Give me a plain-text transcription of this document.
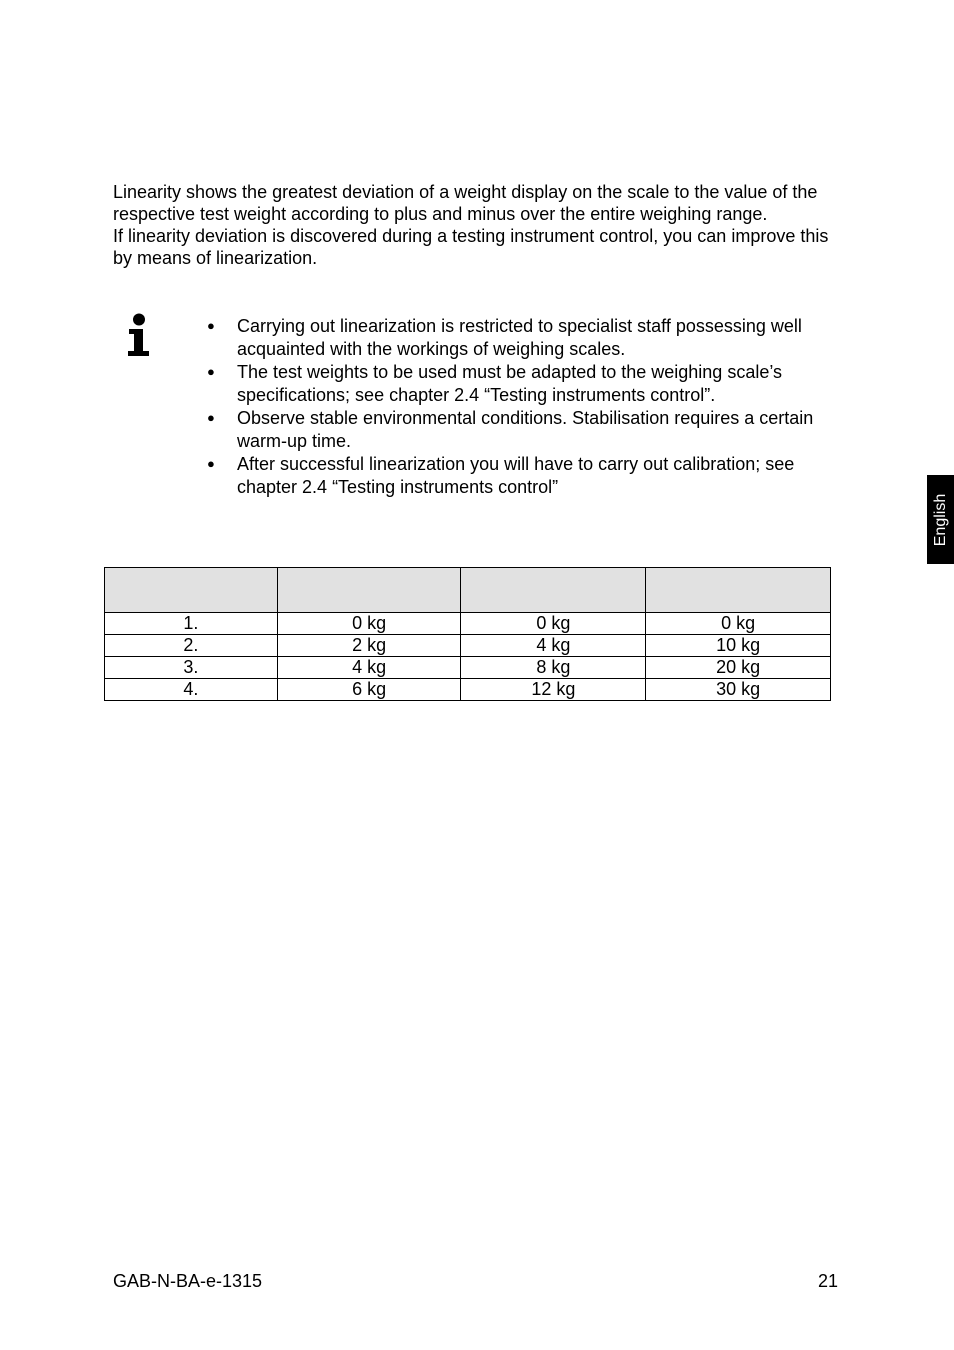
Linearity shows the greatest deviation of a weight display on the scale to the value of the respective test weight according to plus and minus over the entire weighing range.

If linearity deviation is discovered during a testing instrument control, you can improve this by means of linearization.

● Carrying out linearization is restricted to specialist staff possessing well acquainted with the workings of weighing scales.
● The test weights to be used must be adapted to the weighing scale’s specifications; see chapter 2.4 “Testing instruments control”.
● Observe stable environmental conditions. Stabilisation requires a certain warm-up time.
● After successful linearization you will have to carry out calibration; see chapter 2.4 “Testing instruments control”
English

1.	0 kg	0 kg	0 kg
2.	2 kg	4 kg	10 kg
3.	4 kg	8 kg	20 kg
4.	6 kg	12 kg	30 kg
GAB-N-BA-e-1315	21
